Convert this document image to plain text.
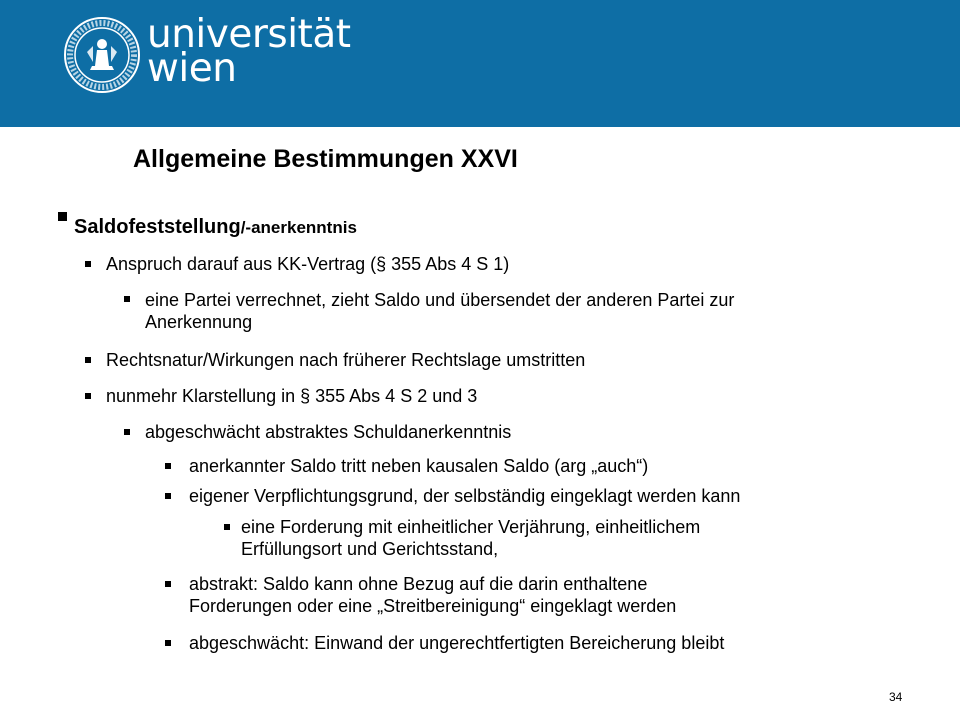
universität
wien
Allgemeine Bestimmungen XXVI
Saldofeststellung/-anerkenntnis
Anspruch darauf aus KK-Vertrag (§ 355 Abs 4 S 1)
eine Partei verrechnet, zieht Saldo und übersendet der anderen Partei zur
Anerkennung
Rechtsnatur/Wirkungen nach früherer Rechtslage umstritten
nunmehr Klarstellung in § 355 Abs 4 S 2 und 3
abgeschwächt abstraktes Schuldanerkenntnis
anerkannter Saldo tritt neben kausalen Saldo (arg „auch“)
eigener Verpflichtungsgrund, der selbständig eingeklagt werden kann
eine Forderung mit einheitlicher Verjährung, einheitlichem
Erfüllungsort und Gerichtsstand,
abstrakt: Saldo kann ohne Bezug auf die darin enthaltene
Forderungen oder eine „Streitbereinigung“ eingeklagt werden
abgeschwächt: Einwand der ungerechtfertigten Bereicherung bleibt
34
